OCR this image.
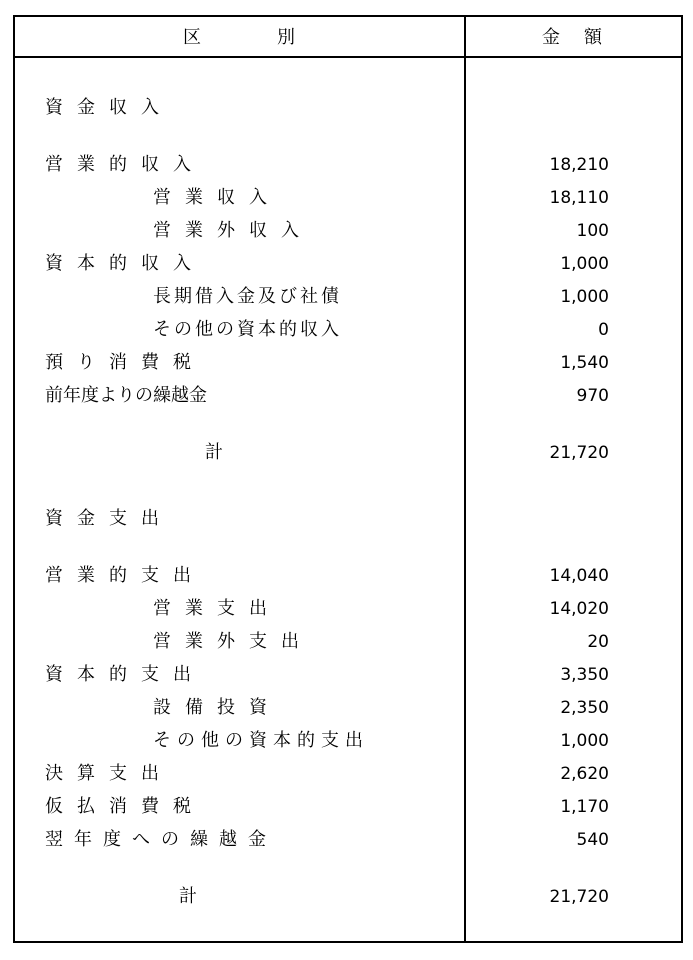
区別	金額
資金収入
営業的収入	18,210
営業収入	18,110
営業外収入	100
資本的収入	1,000
長期借入金及び社債	1,000
その他の資本的収入	0
預り消費税	1,540
前年度よりの繰越金	970
計	21,720
資金支出
営業的支出	14,040
営業支出	14,020
営業外支出	20
資本的支出	3,350
設備投資	2,350
その他の資本的支出	1,000
決算支出	2,620
仮払消費税	1,170
翌年度への繰越金	540
計	21,720
